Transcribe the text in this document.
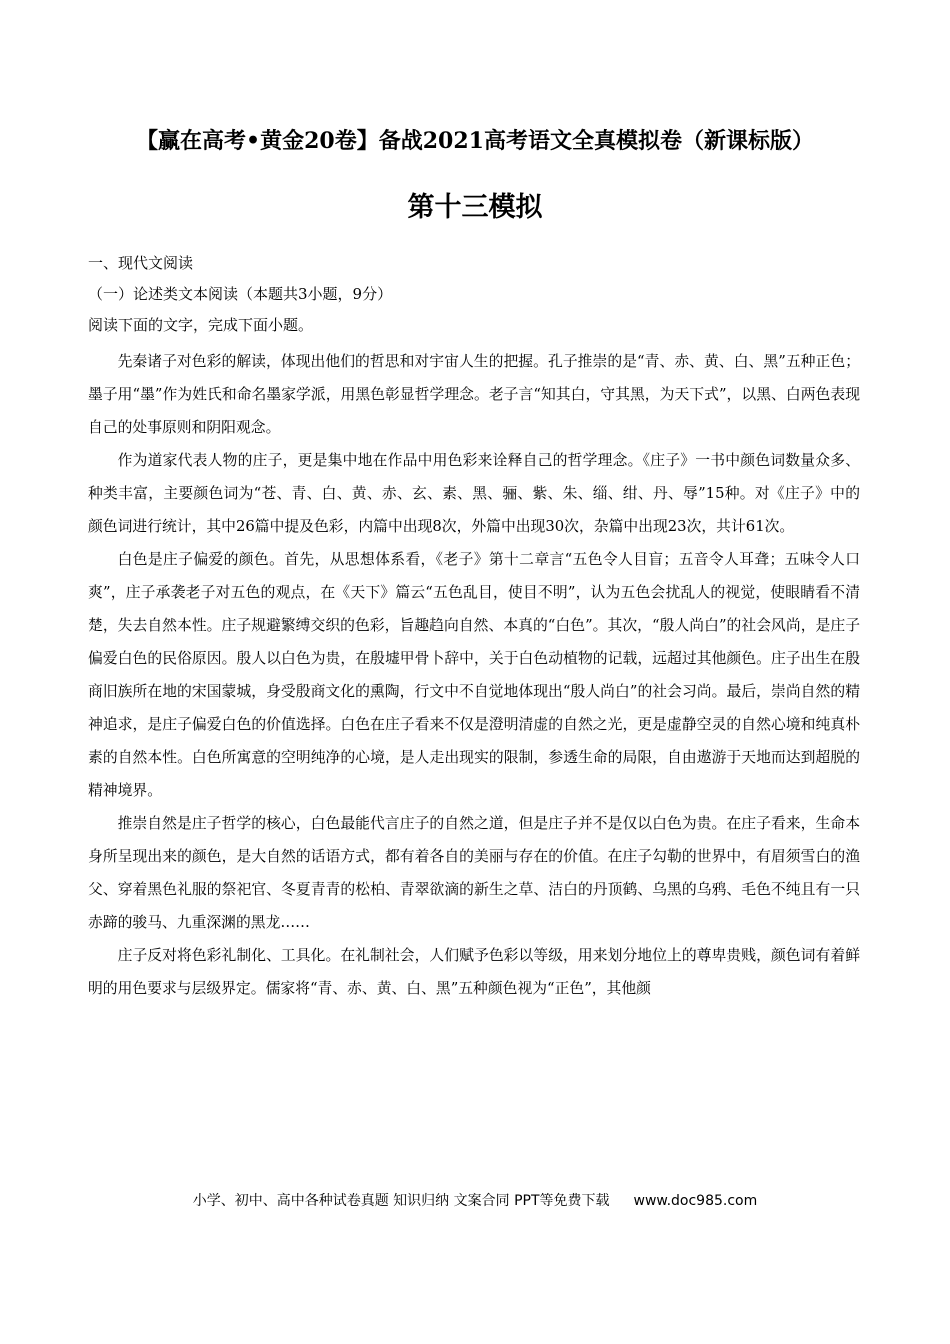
【赢在高考•黄金20卷】备战2021高考语文全真模拟卷（新课标版）
第十三模拟
一、现代文阅读
（一）论述类文本阅读（本题共3小题，9分）
阅读下面的文字，完成下面小题。

先秦诸子对色彩的解读，体现出他们的哲思和对宇宙人生的把握。孔子推崇的是“青、赤、黄、白、黑”五种正色；墨子用“墨”作为姓氏和命名墨家学派，用黑色彰显哲学理念。老子言“知其白，守其黑，为天下式”，以黑、白两色表现自己的处事原则和阴阳观念。

作为道家代表人物的庄子，更是集中地在作品中用色彩来诠释自己的哲学理念。《庄子》一书中颜色词数量众多、种类丰富，主要颜色词为“苍、青、白、黄、赤、玄、素、黑、骊、紫、朱、缁、绀、丹、辱”15种。对《庄子》中的颜色词进行统计，其中26篇中提及色彩，内篇中出现8次，外篇中出现30次，杂篇中出现23次，共计61次。

白色是庄子偏爱的颜色。首先，从思想体系看，《老子》第十二章言“五色令人目盲；五音令人耳聋；五味令人口爽”，庄子承袭老子对五色的观点，在《天下》篇云“五色乱目，使目不明”，认为五色会扰乱人的视觉，使眼睛看不清楚，失去自然本性。庄子规避繁缚交织的色彩，旨趣趋向自然、本真的“白色”。其次，“殷人尚白”的社会风尚，是庄子偏爱白色的民俗原因。殷人以白色为贵，在殷墟甲骨卜辞中，关于白色动植物的记载，远超过其他颜色。庄子出生在殷商旧族所在地的宋国蒙城，身受殷商文化的熏陶，行文中不自觉地体现出“殷人尚白”的社会习尚。最后，崇尚自然的精神追求，是庄子偏爱白色的价值选择。白色在庄子看来不仅是澄明清虚的自然之光，更是虚静空灵的自然心境和纯真朴素的自然本性。白色所寓意的空明纯净的心境，是人走出现实的限制，参透生命的局限，自由遨游于天地而达到超脱的精神境界。

推崇自然是庄子哲学的核心，白色最能代言庄子的自然之道，但是庄子并不是仅以白色为贵。在庄子看来，生命本身所呈现出来的颜色，是大自然的话语方式，都有着各自的美丽与存在的价值。在庄子勾勒的世界中，有眉须雪白的渔父、穿着黑色礼服的祭祀官、冬夏青青的松柏、青翠欲滴的新生之草、洁白的丹顶鹤、乌黑的乌鸦、毛色不纯且有一只赤蹄的骏马、九重深渊的黑龙……

庄子反对将色彩礼制化、工具化。在礼制社会，人们赋予色彩以等级，用来划分地位上的尊卑贵贱，颜色词有着鲜明的用色要求与层级界定。儒家将“青、赤、黄、白、黑”五种颜色视为“正色”，其他颜

小学、初中、高中各种试卷真题 知识归纳 文案合同 PPT等免费下载 www.doc985.com
